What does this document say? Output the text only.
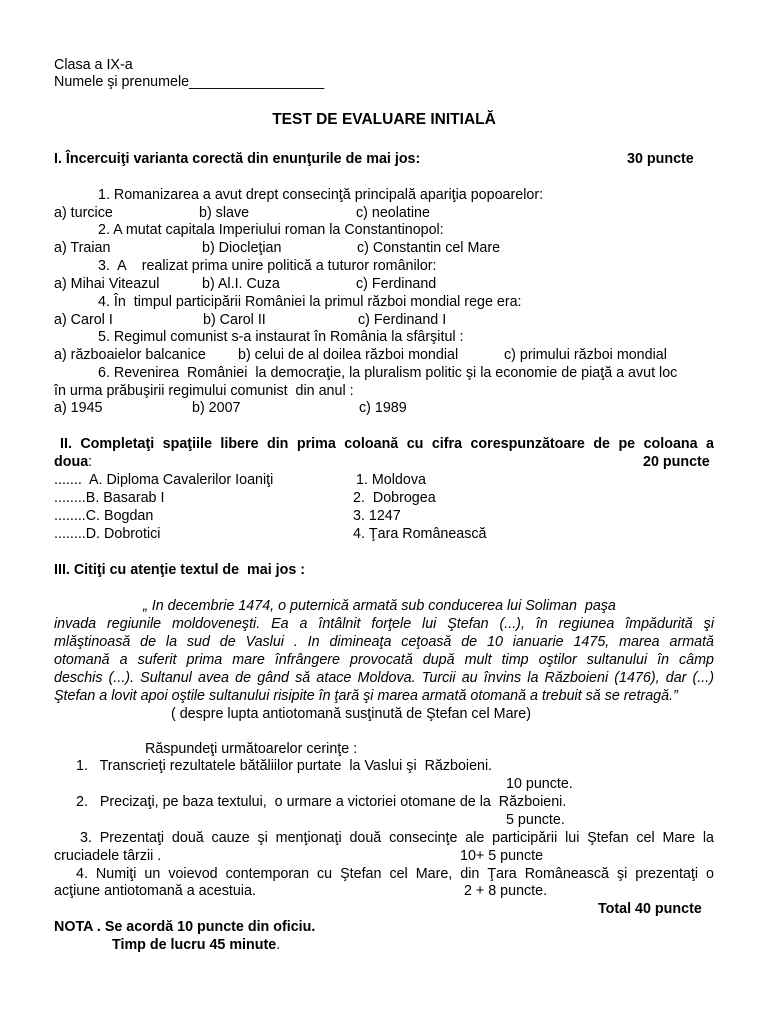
Clasa a IX-a
Numele şi prenumele_________________
TEST DE EVALUARE INITIALĂ
I. Încercuiţi varianta corectă din enunţurile de mai jos:	30 puncte
1. Romanizarea a avut drept consecinţă principală apariţia popoarelor:
a) turcice	b) slave	c) neolatine
2. A mutat capitala Imperiului roman la Constantinopol:
a) Traian	b) Diocleţian	c) Constantin cel Mare
3.  A    realizat prima unire politică a tuturor românilor:
a) Mihai Viteazul	b) Al.I. Cuza	c) Ferdinand
4. În  timpul participării României la primul război mondial rege era:
a) Carol I	b) Carol II	c) Ferdinand I
5. Regimul comunist s-a instaurat în România la sfârşitul :
a) războaielor balcanice b) celui de al doilea război mondial	c) primului război mondial
6. Revenirea  României  la democraţie, la pluralism politic şi la economie de piaţă a avut loc
în urma prăbuşirii regimului comunist  din anul :
a) 1945	b) 2007	c) 1989
II. Completaţi spaţiile libere din prima coloană cu cifra corespunzătoare de pe coloana a
doua:	20 puncte
.......  A. Diploma Cavalerilor Ioaniţi	1. Moldova
........B. Basarab I	2.  Dobrogea
........C. Bogdan	3. 1247
........D. Dobrotici	4. Ţara Românească
III. Citiţi cu atenţie textul de  mai jos :
„ In decembrie 1474, o puternică armată sub conducerea lui Soliman  paşa
invada regiunile moldoveneşti. Ea a întâlnit forţele lui Ştefan (...), în regiunea împădurită şi
mlăştinoasă de la sud de Vaslui . In dimineaţa ceţoasă de 10 ianuarie 1475, marea armată
otomană a suferit prima mare înfrângere provocată după mult timp oştilor sultanului în câmp
deschis (...). Sultanul avea de gând să atace Moldova. Turcii au învins la Războieni (1476), dar (...)
Ştefan a lovit apoi oştile sultanului risipite în ţară şi marea armată otomană a trebuit să se retragă.”
( despre lupta antiotomană susţinută de Ştefan cel Mare)
Răspundeţi următoarelor cerinţe :
1.   Transcrieţi rezultatele bătăliilor purtate  la Vaslui şi  Războieni.
10 puncte.
2.   Precizaţi, pe baza textului,  o urmare a victoriei otomane de la  Războieni.
5 puncte.
3. Prezentaţi două cauze şi menţionaţi două consecinţe ale participării lui Ştefan cel Mare la
cruciadele târzii .	10+ 5 puncte
4. Numiţi un voievod contemporan cu Ştefan cel Mare, din Ţara Românească şi prezentaţi o
acţiune antiotomană a acestuia.	2 + 8 puncte.
Total 40 puncte
NOTA . Se acordă 10 puncte din oficiu.
Timp de lucru 45 minute.
